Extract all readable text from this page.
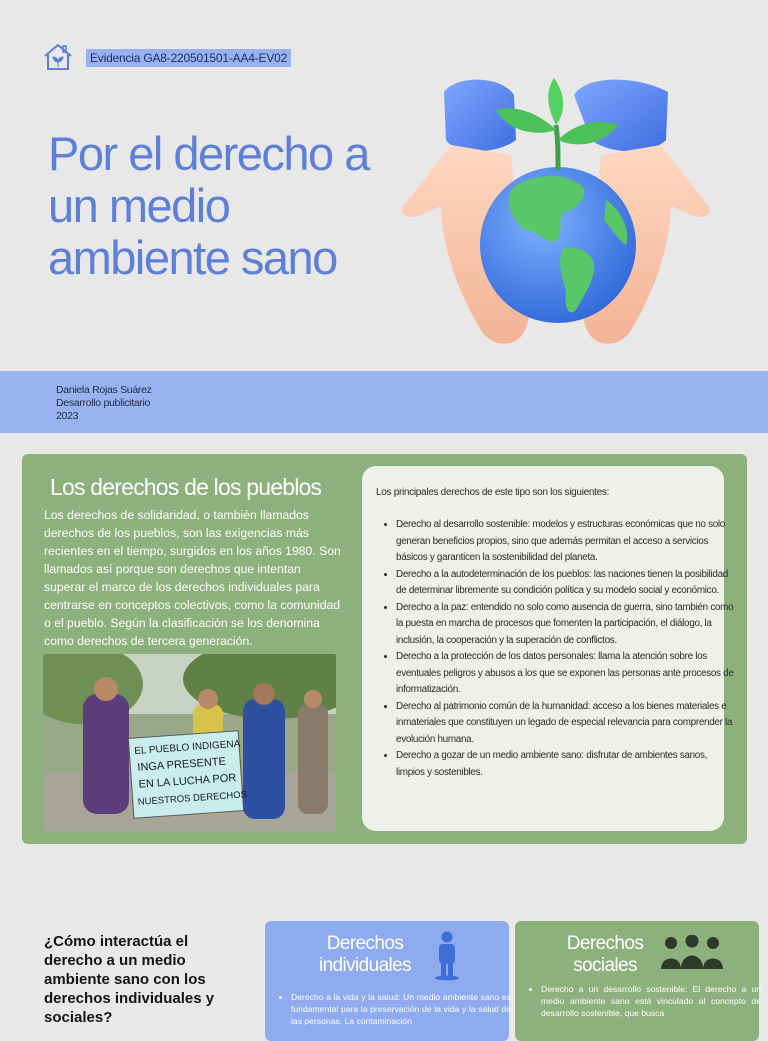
Evidencia GA8-220501501-AA4-EV02
Por el derecho a
un medio
ambiente sano
Daniela Rojas Suárez
Desarrollo publicitario
2023
Los derechos de los pueblos

Los derechos de solidaridad, o también llamados derechos de los pueblos, son las exigencias más recientes en el tiempo, surgidos en los años 1980. Son llamados así porque son derechos que intentan superar el marco de los derechos individuales para centrarse en conceptos colectivos, como la comunidad o el pueblo. Según la clasificación se los denomina como derechos de tercera generación.

EL PUEBLO INDIGENA
INGA PRESENTE
EN LA LUCHA POR
NUESTROS DERECHOS

Los principales derechos de este tipo son los siguientes:

• Derecho al desarrollo sostenible: modelos y estructuras económicas que no solo generan beneficios propios, sino que además permitan el acceso a servicios básicos y garanticen la sostenibilidad del planeta.
• Derecho a la autodeterminación de los pueblos: las naciones tienen la posibilidad de determinar libremente su condición política y su modelo social y económico.
• Derecho a la paz: entendido no solo como ausencia de guerra, sino también como la puesta en marcha de procesos que fomenten la participación, el diálogo, la inclusión, la cooperación y la superación de conflictos.
• Derecho a la protección de los datos personales: llama la atención sobre los eventuales peligros y abusos a los que se exponen las personas ante procesos de informatización.
• Derecho al patrimonio común de la humanidad: acceso a los bienes materiales e inmateriales que constituyen un legado de especial relevancia para comprender la evolución humana.
• Derecho a gozar de un medio ambiente sano: disfrutar de ambientes sanos, limpios y sostenibles.

¿Cómo interactúa el derecho a un medio ambiente sano con los derechos individuales y sociales?

Derechos
individuales
• Derecho a la vida y la salud: Un medio ambiente sano es fundamental para la preservación de la vida y la salud de las personas. La contaminación
Derechos
sociales
• Derecho a un desarrollo sostenible: El derecho a un medio ambiente sano está vinculado al concepto de desarrollo sostenible, que busca
